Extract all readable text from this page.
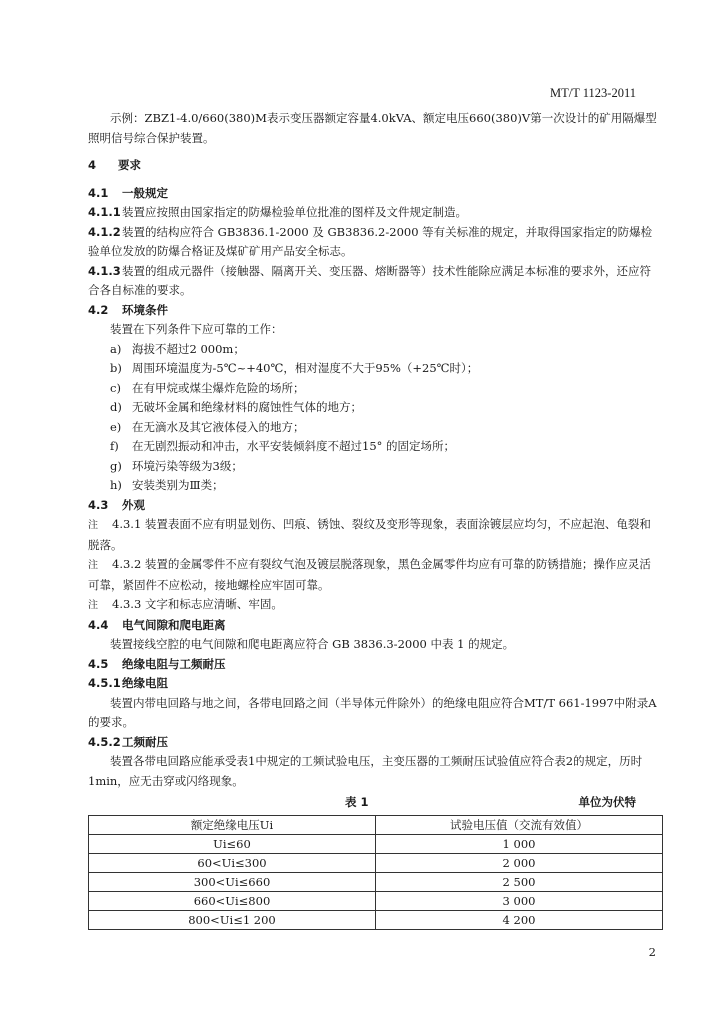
MT/T 1123-2011

示例：ZBZ1-4.0/660(380)M表示变压器额定容量4.0kVA、额定电压660(380)V第一次设计的矿用隔爆型照明信号综合保护装置。

4 要求

4.1 一般规定

4.1.1装置应按照由国家指定的防爆检验单位批准的图样及文件规定制造。

4.1.2装置的结构应符合 GB3836.1-2000 及 GB3836.2-2000 等有关标准的规定，并取得国家指定的防爆检验单位发放的防爆合格证及煤矿矿用产品安全标志。

4.1.3装置的组成元器件（接触器、隔离开关、变压器、熔断器等）技术性能除应满足本标准的要求外，还应符合各自标准的要求。

4.2 环境条件

装置在下列条件下应可靠的工作：

a) 海拔不超过2 000m；

b) 周围环境温度为-5℃~+40℃，相对湿度不大于95%（+25℃时）；

c) 在有甲烷或煤尘爆炸危险的场所；

d) 无破坏金属和绝缘材料的腐蚀性气体的地方；

e) 在无滴水及其它液体侵入的地方；

f) 在无剧烈振动和冲击，水平安装倾斜度不超过15° 的固定场所；

g) 环境污染等级为3级；

h) 安装类别为Ⅲ类；

4.3 外观

注 4.3.1 装置表面不应有明显划伤、凹痕、锈蚀、裂纹及变形等现象，表面涂镀层应均匀，不应起泡、龟裂和脱落。

注 4.3.2 装置的金属零件不应有裂纹气泡及镀层脱落现象，黑色金属零件均应有可靠的防锈措施；操作应灵活可靠，紧固件不应松动，接地螺栓应牢固可靠。

注 4.3.3 文字和标志应清晰、牢固。

4.4 电气间隙和爬电距离

装置接线空腔的电气间隙和爬电距离应符合 GB 3836.3-2000 中表 1 的规定。

4.5 绝缘电阻与工频耐压

4.5.1绝缘电阻

装置内带电回路与地之间，各带电回路之间（半导体元件除外）的绝缘电阻应符合MT/T 661-1997中附录A的要求。

4.5.2工频耐压

装置各带电回路应能承受表1中规定的工频试验电压，主变压器的工频耐压试验值应符合表2的规定，历时1min，应无击穿或闪络现象。

表 1	单位为伏特
额定绝缘电压Ui	试验电压值（交流有效值）
Ui≤60	1 000
60<Ui≤300	2 000
300<Ui≤660	2 500
660<Ui≤800	3 000
800<Ui≤1 200	4 200
2
